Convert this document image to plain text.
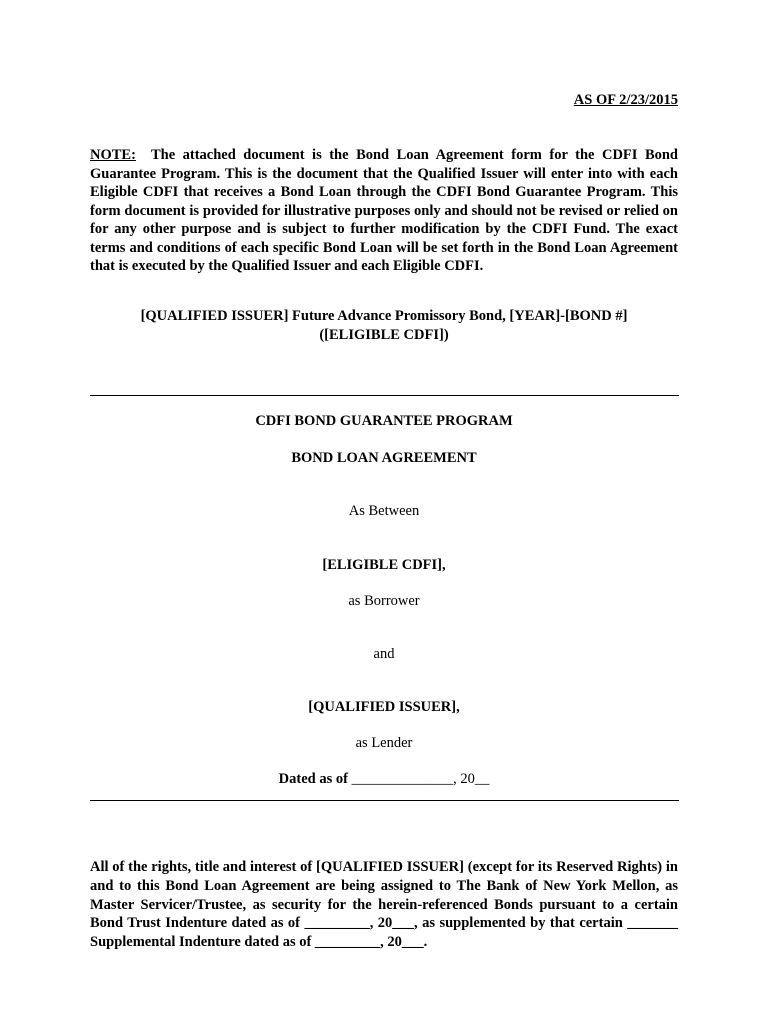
AS OF 2/23/2015
NOTE: The attached document is the Bond Loan Agreement form for the CDFI Bond Guarantee Program. This is the document that the Qualified Issuer will enter into with each Eligible CDFI that receives a Bond Loan through the CDFI Bond Guarantee Program. This form document is provided for illustrative purposes only and should not be revised or relied on for any other purpose and is subject to further modification by the CDFI Fund. The exact terms and conditions of each specific Bond Loan will be set forth in the Bond Loan Agreement that is executed by the Qualified Issuer and each Eligible CDFI.
[QUALIFIED ISSUER] Future Advance Promissory Bond, [YEAR]-[BOND #]
([ELIGIBLE CDFI])
CDFI BOND GUARANTEE PROGRAM
BOND LOAN AGREEMENT
As Between
[ELIGIBLE CDFI],
as Borrower
and
[QUALIFIED ISSUER],
as Lender
Dated as of ______________, 20__
All of the rights, title and interest of [QUALIFIED ISSUER] (except for its Reserved Rights) in and to this Bond Loan Agreement are being assigned to The Bank of New York Mellon, as Master Servicer/Trustee, as security for the herein-referenced Bonds pursuant to a certain Bond Trust Indenture dated as of _________, 20___, as supplemented by that certain _______ Supplemental Indenture dated as of _________, 20___.
